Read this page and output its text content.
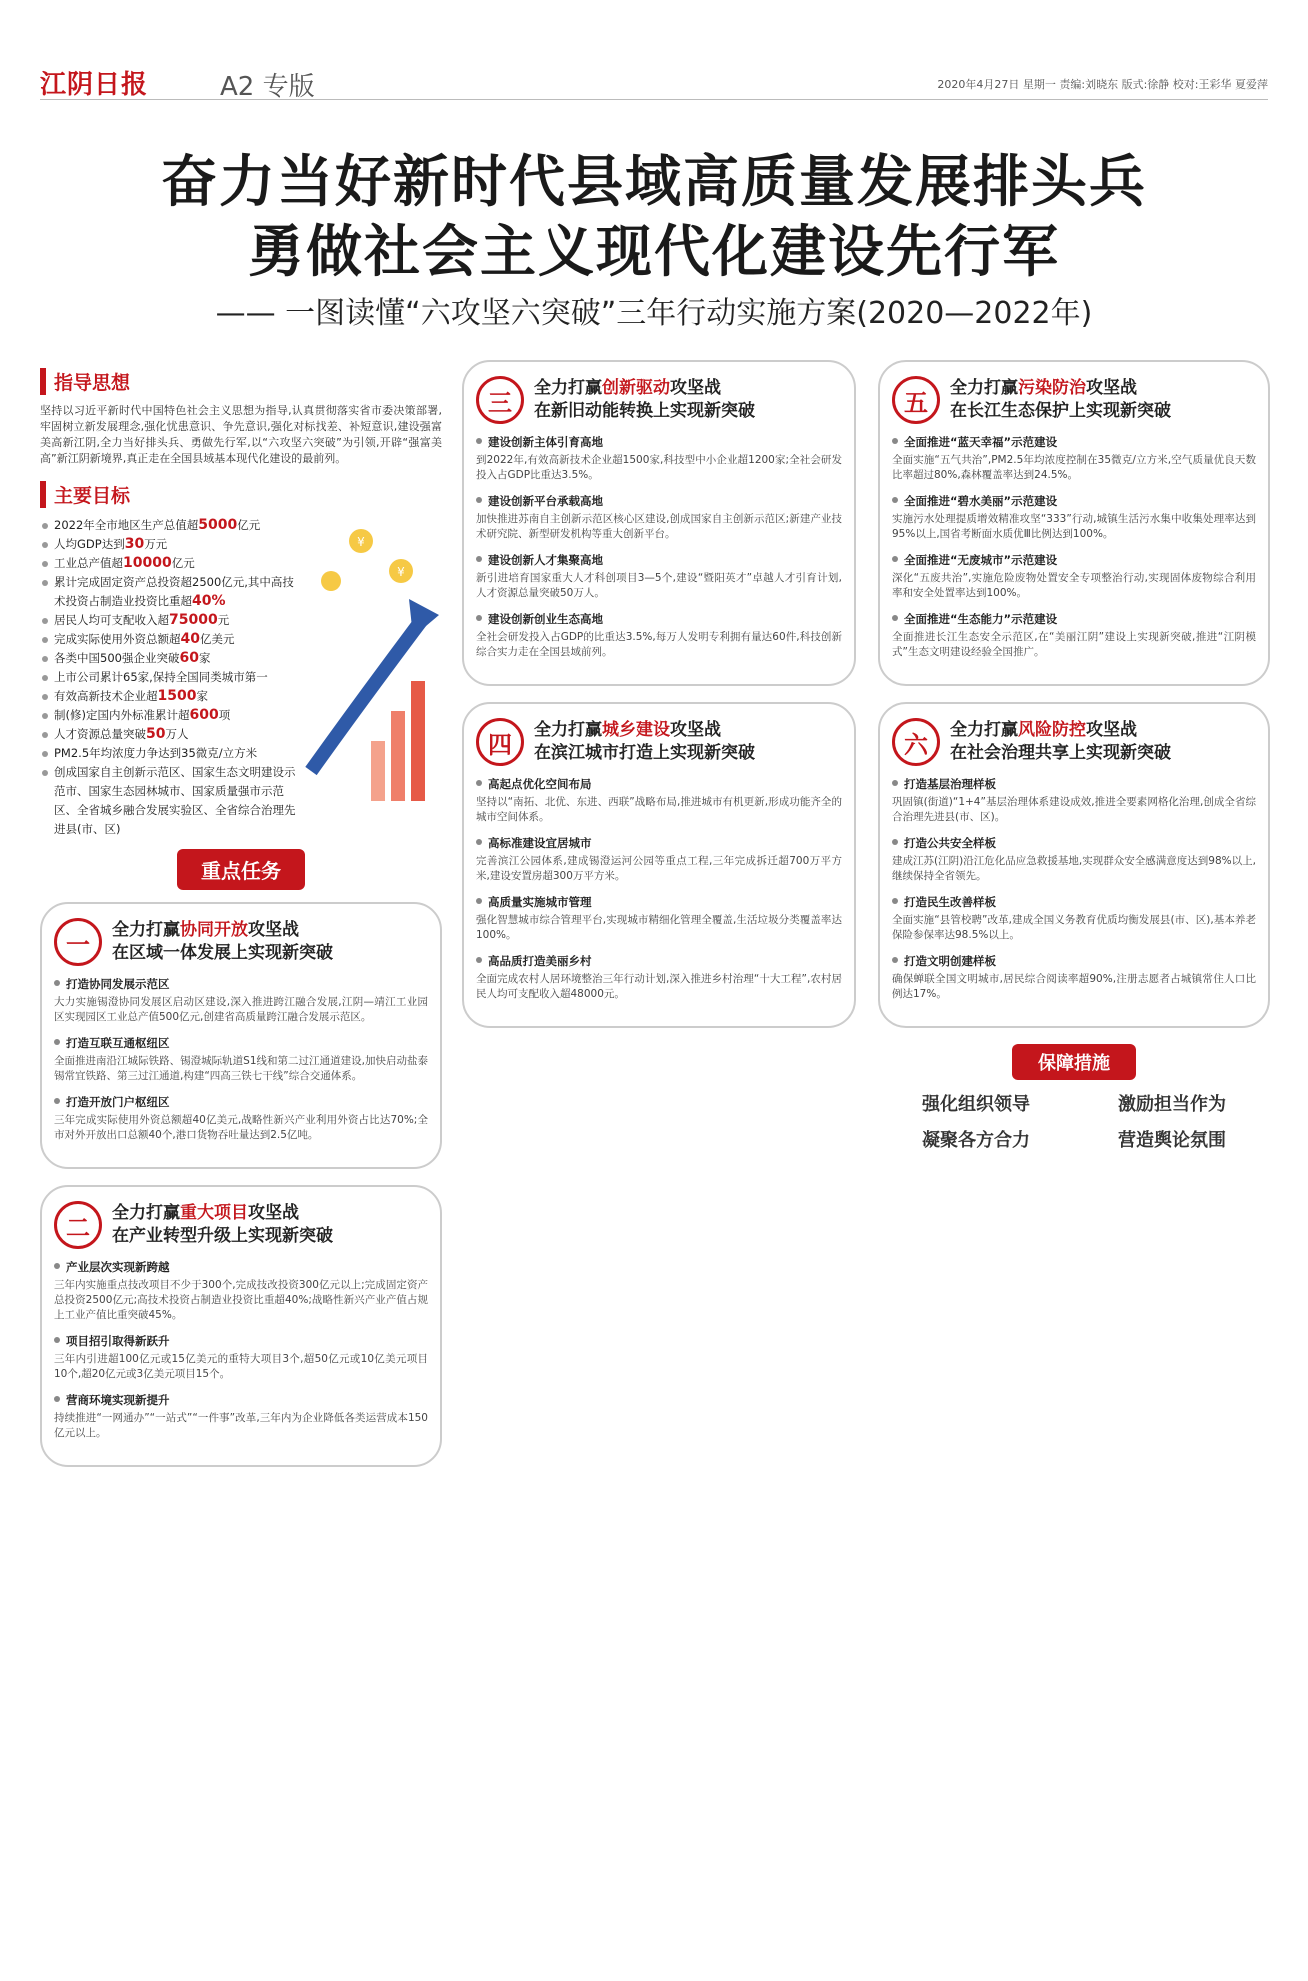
江阴日报	A2 专版	2020年4月27日 星期一 责编:刘晓东 版式:徐静 校对:王彩华 夏爱萍
奋力当好新时代县域高质量发展排头兵
勇做社会主义现代化建设先行军
—— 一图读懂“六攻坚六突破”三年行动实施方案(2020—2022年)
指导思想
坚持以习近平新时代中国特色社会主义思想为指导,认真贯彻落实省市委决策部署,牢固树立新发展理念,强化忧患意识、争先意识,强化对标找差、补短意识,建设强富美高新江阴,全力当好排头兵、勇做先行军,以“六攻坚六突破”为引领,开辟“强富美高”新江阴新境界,真正走在全国县域基本现代化建设的最前列。
主要目标
2022年全市地区生产总值超5000亿元
人均GDP达到30万元
工业总产值超10000亿元
累计完成固定资产总投资超2500亿元,其中高技术投资占制造业投资比重超40%
居民人均可支配收入超75000元
完成实际使用外资总额超40亿美元
各类中国500强企业突破60家
上市公司累计65家,保持全国同类城市第一
有效高新技术企业超1500家
制(修)定国内外标准累计超600项
人才资源总量突破50万人
PM2.5年均浓度力争达到35微克/立方米
创成国家自主创新示范区、国家生态文明建设示范市、国家生态园林城市、国家质量强市示范区、全省城乡融合发展实验区、全省综合治理先进县(市、区)
¥
¥
重点任务
一
全力打赢协同开放攻坚战
在区域一体发展上实现新突破
打造协同发展示范区
大力实施锡澄协同发展区启动区建设,深入推进跨江融合发展,江阴—靖江工业园区实现园区工业总产值500亿元,创建省高质量跨江融合发展示范区。
打造互联互通枢纽区
全面推进南沿江城际铁路、锡澄城际轨道S1线和第二过江通道建设,加快启动盐泰锡常宜铁路、第三过江通道,构建“四高三铁七干线”综合交通体系。
打造开放门户枢纽区
三年完成实际使用外资总额超40亿美元,战略性新兴产业利用外资占比达70%;全市对外开放出口总额40个,港口货物吞吐量达到2.5亿吨。
二
全力打赢重大项目攻坚战
在产业转型升级上实现新突破
产业层次实现新跨越
三年内实施重点技改项目不少于300个,完成技改投资300亿元以上;完成固定资产总投资2500亿元;高技术投资占制造业投资比重超40%;战略性新兴产业产值占规上工业产值比重突破45%。
项目招引取得新跃升
三年内引进超100亿元或15亿美元的重特大项目3个,超50亿元或10亿美元项目10个,超20亿元或3亿美元项目15个。
营商环境实现新提升
持续推进“一网通办”“一站式”“一件事”改革,三年内为企业降低各类运营成本150亿元以上。
三
全力打赢创新驱动攻坚战
在新旧动能转换上实现新突破
建设创新主体引育高地
到2022年,有效高新技术企业超1500家,科技型中小企业超1200家;全社会研发投入占GDP比重达3.5%。
建设创新平台承载高地
加快推进苏南自主创新示范区核心区建设,创成国家自主创新示范区;新建产业技术研究院、新型研发机构等重大创新平台。
建设创新人才集聚高地
新引进培育国家重大人才科创项目3—5个,建设“暨阳英才”卓越人才引育计划,人才资源总量突破50万人。
建设创新创业生态高地
全社会研发投入占GDP的比重达3.5%,每万人发明专利拥有量达60件,科技创新综合实力走在全国县域前列。
四
全力打赢城乡建设攻坚战
在滨江城市打造上实现新突破
高起点优化空间布局
坚持以“南拓、北优、东进、西联”战略布局,推进城市有机更新,形成功能齐全的城市空间体系。
高标准建设宜居城市
完善滨江公园体系,建成锡澄运河公园等重点工程,三年完成拆迁超700万平方米,建设安置房超300万平方米。
高质量实施城市管理
强化智慧城市综合管理平台,实现城市精细化管理全覆盖,生活垃圾分类覆盖率达100%。
高品质打造美丽乡村
全面完成农村人居环境整治三年行动计划,深入推进乡村治理“十大工程”,农村居民人均可支配收入超48000元。
五
全力打赢污染防治攻坚战
在长江生态保护上实现新突破
全面推进“蓝天幸福”示范建设
全面实施“五气共治”,PM2.5年均浓度控制在35微克/立方米,空气质量优良天数比率超过80%,森林覆盖率达到24.5%。
全面推进“碧水美丽”示范建设
实施污水处理提质增效精准攻坚“333”行动,城镇生活污水集中收集处理率达到95%以上,国省考断面水质优Ⅲ比例达到100%。
全面推进“无废城市”示范建设
深化“五废共治”,实施危险废物处置安全专项整治行动,实现固体废物综合利用率和安全处置率达到100%。
全面推进“生态能力”示范建设
全面推进长江生态安全示范区,在“美丽江阴”建设上实现新突破,推进“江阴模式”生态文明建设经验全国推广。
六
全力打赢风险防控攻坚战
在社会治理共享上实现新突破
打造基层治理样板
巩固镇(街道)“1+4”基层治理体系建设成效,推进全要素网格化治理,创成全省综合治理先进县(市、区)。
打造公共安全样板
建成江苏(江阴)沿江危化品应急救援基地,实现群众安全感满意度达到98%以上,继续保持全省领先。
打造民生改善样板
全面实施“县管校聘”改革,建成全国义务教育优质均衡发展县(市、区),基本养老保险参保率达98.5%以上。
打造文明创建样板
确保蝉联全国文明城市,居民综合阅读率超90%,注册志愿者占城镇常住人口比例达17%。
保障措施
强化组织领导	激励担当作为
凝聚各方合力	营造舆论氛围
